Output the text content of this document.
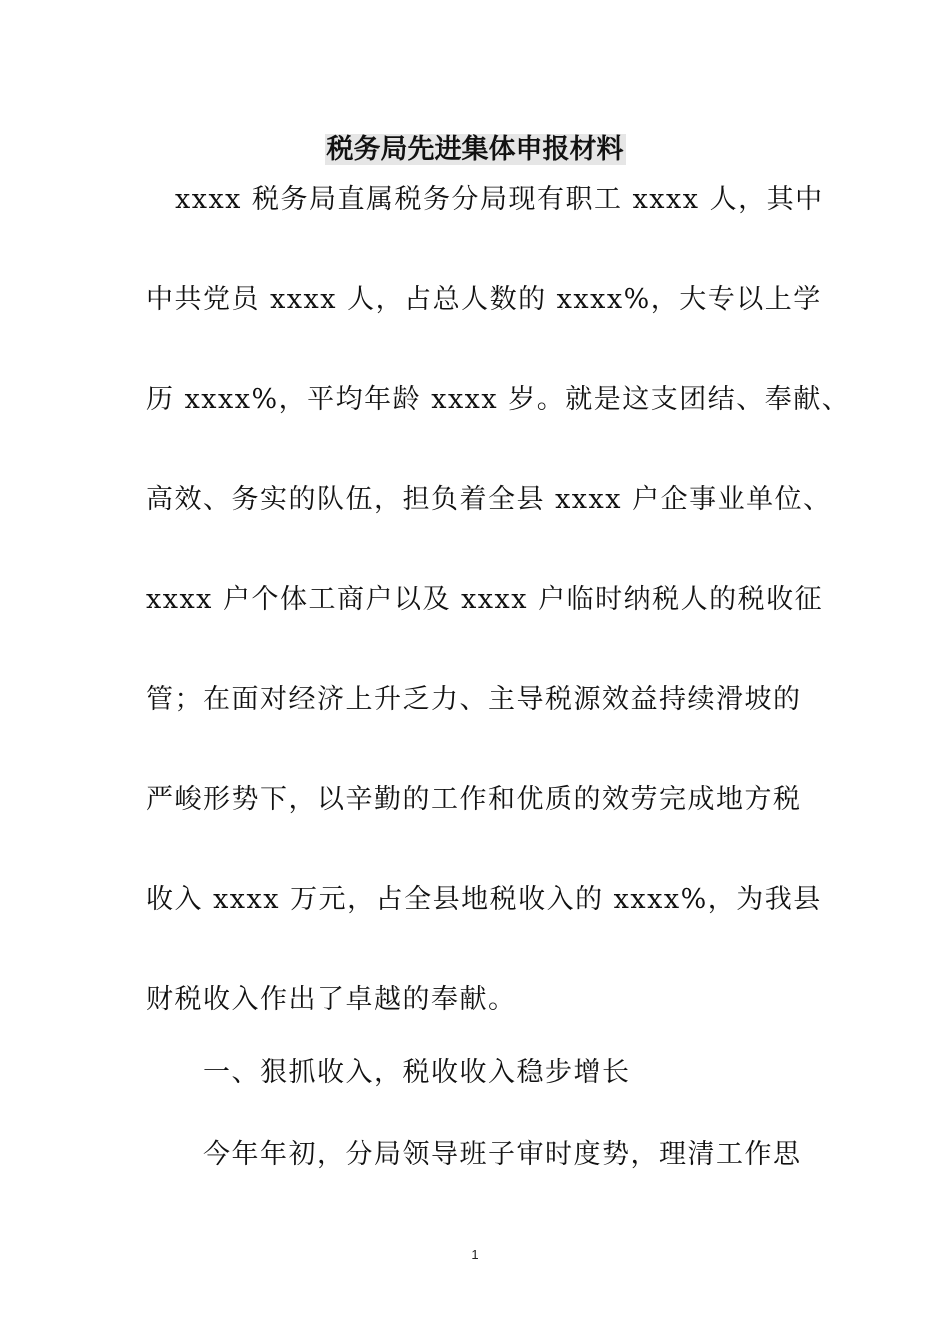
税务局先进集体申报材料
xxxx 税务局直属税务分局现有职工 xxxx 人，其中
中共党员 xxxx 人，占总人数的 xxxx%，大专以上学
历 xxxx%，平均年龄 xxxx 岁。就是这支团结、奉献、
高效、务实的队伍，担负着全县 xxxx 户企事业单位、
xxxx 户个体工商户以及 xxxx 户临时纳税人的税收征
管；在面对经济上升乏力、主导税源效益持续滑坡的
严峻形势下，以辛勤的工作和优质的效劳完成地方税
收入 xxxx 万元，占全县地税收入的 xxxx%，为我县
财税收入作出了卓越的奉献。
一、狠抓收入，税收收入稳步增长
今年年初，分局领导班子审时度势，理清工作思
1
